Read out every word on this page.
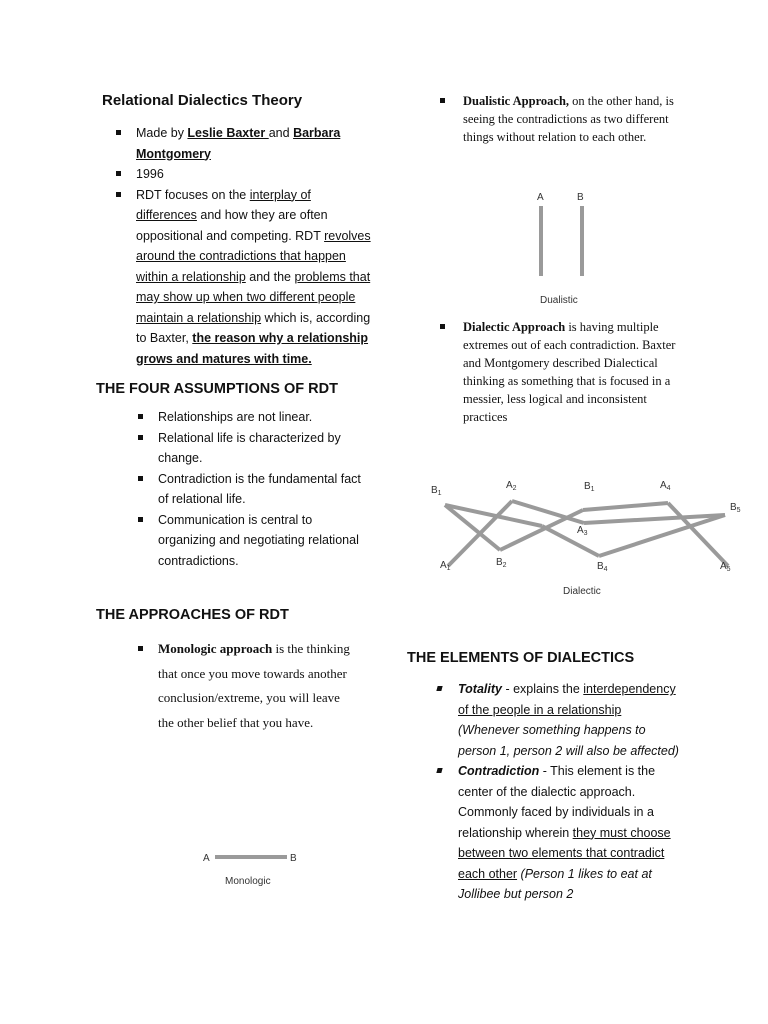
Relational Dialectics Theory
Made by Leslie Baxter and Barbara Montgomery
1996
RDT focuses on the interplay of differences and how they are often oppositional and competing. RDT revolves around the contradictions that happen within a relationship and the problems that may show up when two different people maintain a relationship which is, according to Baxter, the reason why a relationship grows and matures with time.
THE FOUR ASSUMPTIONS OF RDT
Relationships are not linear.
Relational life is characterized by change.
Contradiction is the fundamental fact of relational life.
Communication is central to organizing and negotiating relational contradictions.
THE APPROACHES OF RDT
Monologic approach is the thinking that once you move towards another conclusion/extreme, you will leave the other belief that you have.
A	B
Monologic
Dualistic Approach, on the other hand, is seeing the contradictions as two different things without relation to each other.
A	B
Dualistic
Dialectic Approach is having multiple extremes out of each contradiction. Baxter and Montgomery described Dialectical thinking as something that is focused in a messier, less logical and inconsistent practices
$B_1$
$A_2$	$B_1$	$A_4$
$B_5$
$A_3$
$A_1$
$B_2$	$B_4$	$A_5$
Dialectic
THE ELEMENTS OF DIALECTICS
Totality - explains the interdependency of the people in a relationship (Whenever something happens to person 1, person 2 will also be affected)
Contradiction - This element is the center of the dialectic approach. Commonly faced by individuals in a relationship wherein they must choose between two elements that contradict each other (Person 1 likes to eat at Jollibee but person 2
